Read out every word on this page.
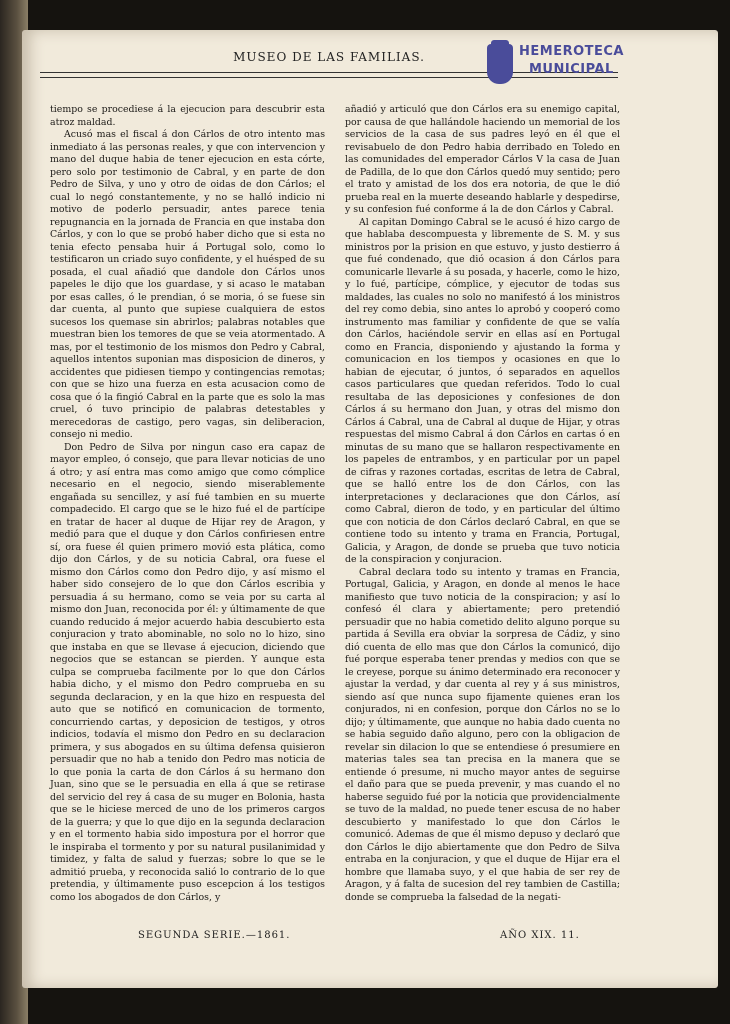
MUSEO DE LAS FAMILIAS.	HEMEROTECA
MUNICIPAL

tiempo se procediese á la ejecucion para descubrir esta atroz maldad.

Acusó mas el fiscal á don Cárlos de otro intento mas inmediato á las personas reales, y que con intervencion y mano del duque habia de tener ejecucion en esta córte, pero solo por testimonio de Cabral, y en parte de don Pedro de Silva, y uno y otro de oidas de don Cárlos; el cual lo negó constantemente, y no se halló indicio ni motivo de poderlo persuadir, antes parece tenia repugnancia en la jornada de Francia en que instaba don Cárlos, y con lo que se probó haber dicho que si esta no tenia efecto pensaba huir á Portugal solo, como lo testificaron un criado suyo confidente, y el huésped de su posada, el cual añadió que dandole don Cárlos unos papeles le dijo que los guardase, y si acaso le mataban por esas calles, ó le prendian, ó se moria, ó se fuese sin dar cuenta, al punto que supiese cualquiera de estos sucesos los quemase sin abrirlos; palabras notables que muestran bien los temores de que se veia atormentado. A mas, por el testimonio de los mismos don Pedro y Cabral, aquellos intentos suponian mas disposicion de dineros, y accidentes que pidiesen tiempo y contingencias remotas; con que se hizo una fuerza en esta acusacion como de cosa que ó la fingió Cabral en la parte que es solo la mas cruel, ó tuvo principio de palabras detestables y merecedoras de castigo, pero vagas, sin deliberacion, consejo ni medio.

Don Pedro de Silva por ningun caso era capaz de mayor empleo, ó consejo, que para llevar noticias de uno á otro; y así entra mas como amigo que como cómplice necesario en el negocio, siendo miserablemente engañada su sencillez, y así fué tambien en su muerte compadecido. El cargo que se le hizo fué el de partícipe en tratar de hacer al duque de Hijar rey de Aragon, y medió para que el duque y don Cárlos confiriesen entre sí, ora fuese él quien primero movió esta plática, como dijo don Cárlos, y de su noticia Cabral, ora fuese el mismo don Cárlos como don Pedro dijo, y así mismo el haber sido consejero de lo que don Cárlos escribia y persuadia á su hermano, como se veia por su carta al mismo don Juan, reconocida por él: y últimamente de que cuando reducido á mejor acuerdo habia descubierto esta conjuracion y trato abominable, no solo no lo hizo, sino que instaba en que se llevase á ejecucion, diciendo que negocios que se estancan se pierden. Y aunque esta culpa se comprueba facilmente por lo que don Cárlos habia dicho, y el mismo don Pedro comprueba en su segunda declaracion, y en la que hizo en respuesta del auto que se notificó en comunicacion de tormento, concurriendo cartas, y deposicion de testigos, y otros indicios, todavía el mismo don Pedro en su declaracion primera, y sus abogados en su última defensa quisieron persuadir que no hab a tenido don Pedro mas noticia de lo que ponia la carta de don Cárlos á su hermano don Juan, sino que se le persuadia en ella á que se retirase del servicio del rey á casa de su muger en Bolonia, hasta que se le hiciese merced de uno de los primeros cargos de la guerra; y que lo que dijo en la segunda declaracion y en el tormento habia sido impostura por el horror que le inspiraba el tormento y por su natural pusilanimidad y timidez, y falta de salud y fuerzas; sobre lo que se le admitió prueba, y reconocida salió lo contrario de lo que pretendia, y últimamente puso escepcion á los testigos como los abogados de don Cárlos, y

añadió y articuló que don Cárlos era su enemigo capital, por causa de que hallándole haciendo un memorial de los servicios de la casa de sus padres leyó en él que el revisabuelo de don Pedro habia derribado en Toledo en las comunidades del emperador Cárlos V la casa de Juan de Padilla, de lo que don Cárlos quedó muy sentido; pero el trato y amistad de los dos era notoria, de que le dió prueba real en la muerte deseando hablarle y despedirse, y su confesion fué conforme á la de don Cárlos y Cabral.

Al capitan Domingo Cabral se le acusó é hizo cargo de que hablaba descompuesta y libremente de S. M. y sus ministros por la prision en que estuvo, y justo destierro á que fué condenado, que dió ocasion á don Cárlos para comunicarle llevarle á su posada, y hacerle, como le hizo, y lo fué, partícipe, cómplice, y ejecutor de todas sus maldades, las cuales no solo no manifestó á los ministros del rey como debia, sino antes lo aprobó y cooperó como instrumento mas familiar y confidente de que se valía don Cárlos, haciéndole servir en ellas así en Portugal como en Francia, disponiendo y ajustando la forma y comunicacion en los tiempos y ocasiones en que lo habian de ejecutar, ó juntos, ó separados en aquellos casos particulares que quedan referidos. Todo lo cual resultaba de las deposiciones y confesiones de don Cárlos á su hermano don Juan, y otras del mismo don Cárlos á Cabral, una de Cabral al duque de Hijar, y otras respuestas del mismo Cabral á don Cárlos en cartas ó en minutas de su mano que se hallaron respectivamente en los papeles de entrambos, y en particular por un papel de cifras y razones cortadas, escritas de letra de Cabral, que se halló entre los de don Cárlos, con las interpretaciones y declaraciones que don Cárlos, así como Cabral, dieron de todo, y en particular del último que con noticia de don Cárlos declaró Cabral, en que se contiene todo su intento y trama en Francia, Portugal, Galicia, y Aragon, de donde se prueba que tuvo noticia de la conspiracion y conjuracion.

Cabral declara todo su intento y tramas en Francia, Portugal, Galicia, y Aragon, en donde al menos le hace manifiesto que tuvo noticia de la conspiracion; y así lo confesó él clara y abiertamente; pero pretendió persuadir que no habia cometido delito alguno porque su partida á Sevilla era obviar la sorpresa de Cádiz, y sino dió cuenta de ello mas que don Cárlos la comunicó, dijo fué porque esperaba tener prendas y medios con que se le creyese, porque su ánimo determinado era reconocer y ajustar la verdad, y dar cuenta al rey y á sus ministros, siendo así que nunca supo fijamente quienes eran los conjurados, ni en confesion, porque don Cárlos no se lo dijo; y últimamente, que aunque no habia dado cuenta no se habia seguido daño alguno, pero con la obligacion de revelar sin dilacion lo que se entendiese ó presumiere en materias tales sea tan precisa en la manera que se entiende ó presume, ni mucho mayor antes de seguirse el daño para que se pueda prevenir, y mas cuando el no haberse seguido fué por la noticia que providencialmente se tuvo de la maldad, no puede tener escusa de no haber descubierto y manifestado lo que don Cárlos le comunicó. Ademas de que él mismo depuso y declaró que don Cárlos le dijo abiertamente que don Pedro de Silva entraba en la conjuracion, y que el duque de Hijar era el hombre que llamaba suyo, y el que habia de ser rey de Aragon, y á falta de sucesion del rey tambien de Castilla; donde se comprueba la falsedad de la negati-

SEGUNDA SERIE.—1861.	AÑO XIX. 11.
